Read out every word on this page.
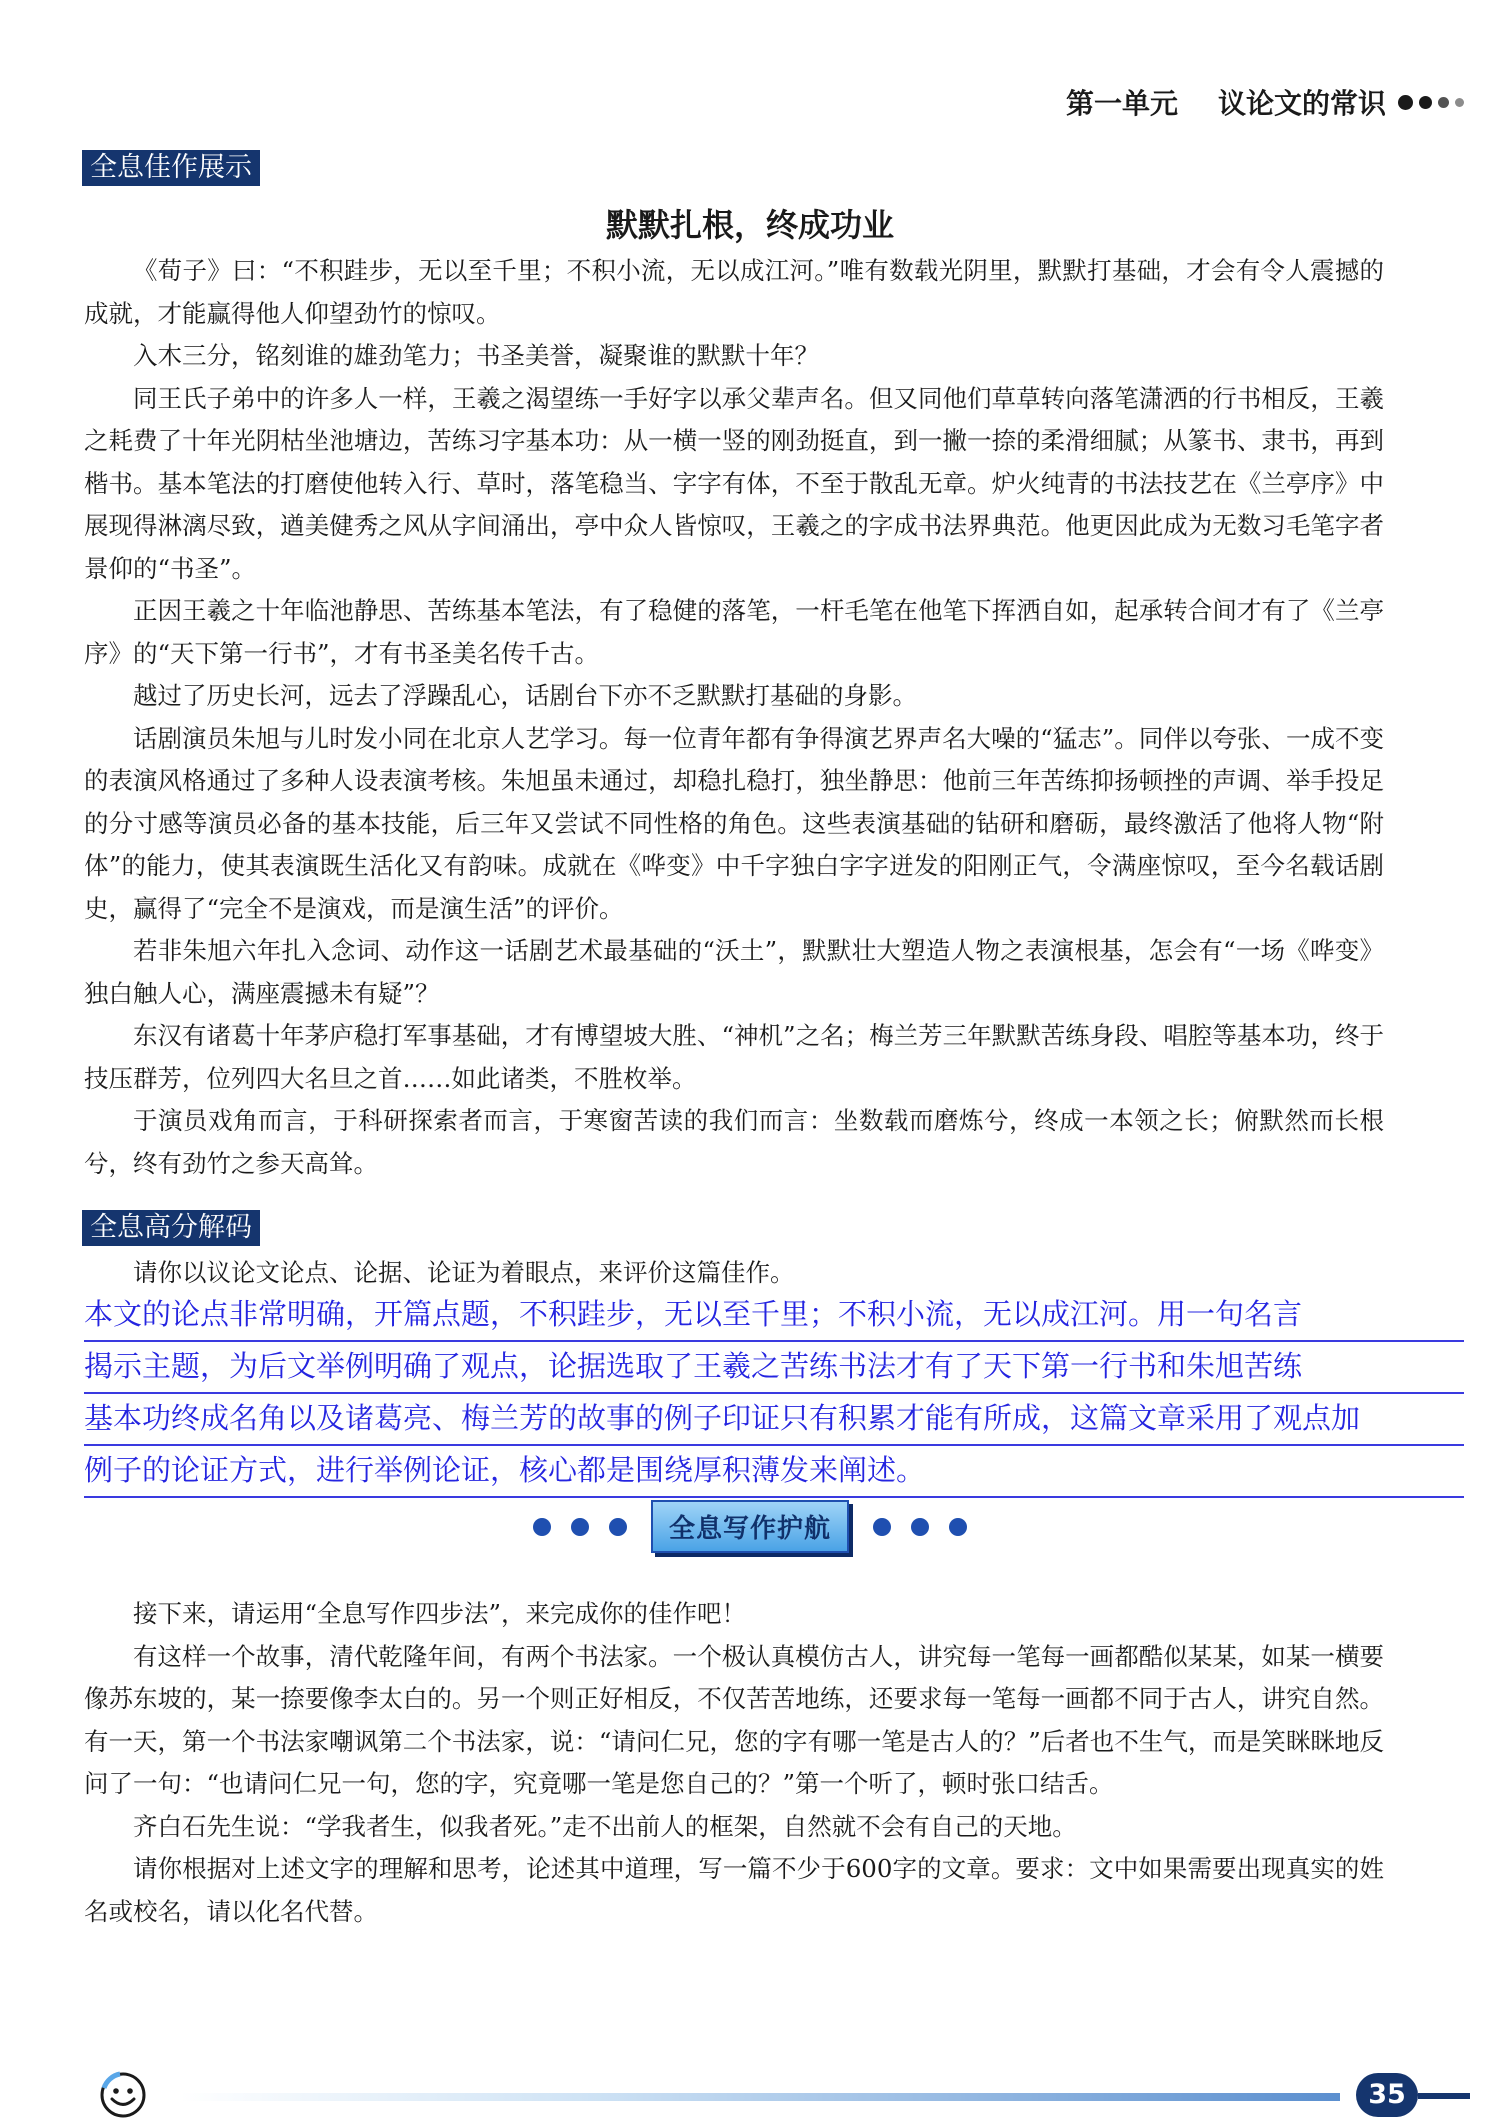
第一单元 议论文的常识
全息佳作展示
默默扎根，终成功业

《荀子》曰：“不积跬步，无以至千里；不积小流，无以成江河。”唯有数载光阴里，默默打基础，才会有令人震撼的成就，才能赢得他人仰望劲竹的惊叹。

入木三分，铭刻谁的雄劲笔力；书圣美誉，凝聚谁的默默十年？

同王氏子弟中的许多人一样，王羲之渴望练一手好字以承父辈声名。但又同他们草草转向落笔潇洒的行书相反，王羲之耗费了十年光阴枯坐池塘边，苦练习字基本功：从一横一竖的刚劲挺直，到一撇一捺的柔滑细腻；从篆书、隶书，再到楷书。基本笔法的打磨使他转入行、草时，落笔稳当、字字有体，不至于散乱无章。炉火纯青的书法技艺在《兰亭序》中展现得淋漓尽致，遒美健秀之风从字间涌出，亭中众人皆惊叹，王羲之的字成书法界典范。他更因此成为无数习毛笔字者景仰的“书圣”。

正因王羲之十年临池静思、苦练基本笔法，有了稳健的落笔，一杆毛笔在他笔下挥洒自如，起承转合间才有了《兰亭序》的“天下第一行书”，才有书圣美名传千古。

越过了历史长河，远去了浮躁乱心，话剧台下亦不乏默默打基础的身影。

话剧演员朱旭与儿时发小同在北京人艺学习。每一位青年都有争得演艺界声名大噪的“猛志”。同伴以夸张、一成不变的表演风格通过了多种人设表演考核。朱旭虽未通过，却稳扎稳打，独坐静思：他前三年苦练抑扬顿挫的声调、举手投足的分寸感等演员必备的基本技能，后三年又尝试不同性格的角色。这些表演基础的钻研和磨砺，最终激活了他将人物“附体”的能力，使其表演既生活化又有韵味。成就在《哗变》中千字独白字字迸发的阳刚正气，令满座惊叹，至今名载话剧史，赢得了“完全不是演戏，而是演生活”的评价。

若非朱旭六年扎入念词、动作这一话剧艺术最基础的“沃土”，默默壮大塑造人物之表演根基，怎会有“一场《哗变》独白触人心，满座震撼未有疑”？

东汉有诸葛十年茅庐稳打军事基础，才有博望坡大胜、“神机”之名；梅兰芳三年默默苦练身段、唱腔等基本功，终于技压群芳，位列四大名旦之首……如此诸类，不胜枚举。

于演员戏角而言，于科研探索者而言，于寒窗苦读的我们而言：坐数载而磨炼兮，终成一本领之长；俯默然而长根兮，终有劲竹之参天高耸。

全息高分解码

请你以议论文论点、论据、论证为着眼点，来评价这篇佳作。

本文的论点非常明确，开篇点题，不积跬步，无以至千里；不积小流，无以成江河。用一句名言
揭示主题，为后文举例明确了观点，论据选取了王羲之苦练书法才有了天下第一行书和朱旭苦练
基本功终成名角以及诸葛亮、梅兰芳的故事的例子印证只有积累才能有所成，这篇文章采用了观点加
例子的论证方式，进行举例论证，核心都是围绕厚积薄发来阐述。
全息写作护航

接下来，请运用“全息写作四步法”，来完成你的佳作吧！

有这样一个故事，清代乾隆年间，有两个书法家。一个极认真模仿古人，讲究每一笔每一画都酷似某某，如某一横要像苏东坡的，某一捺要像李太白的。另一个则正好相反，不仅苦苦地练，还要求每一笔每一画都不同于古人，讲究自然。有一天，第一个书法家嘲讽第二个书法家，说：“请问仁兄，您的字有哪一笔是古人的？”后者也不生气，而是笑眯眯地反问了一句：“也请问仁兄一句，您的字，究竟哪一笔是您自己的？”第一个听了，顿时张口结舌。

齐白石先生说：“学我者生，似我者死。”走不出前人的框架，自然就不会有自己的天地。

请你根据对上述文字的理解和思考，论述其中道理，写一篇不少于600字的文章。要求：文中如果需要出现真实的姓名或校名，请以化名代替。

35
